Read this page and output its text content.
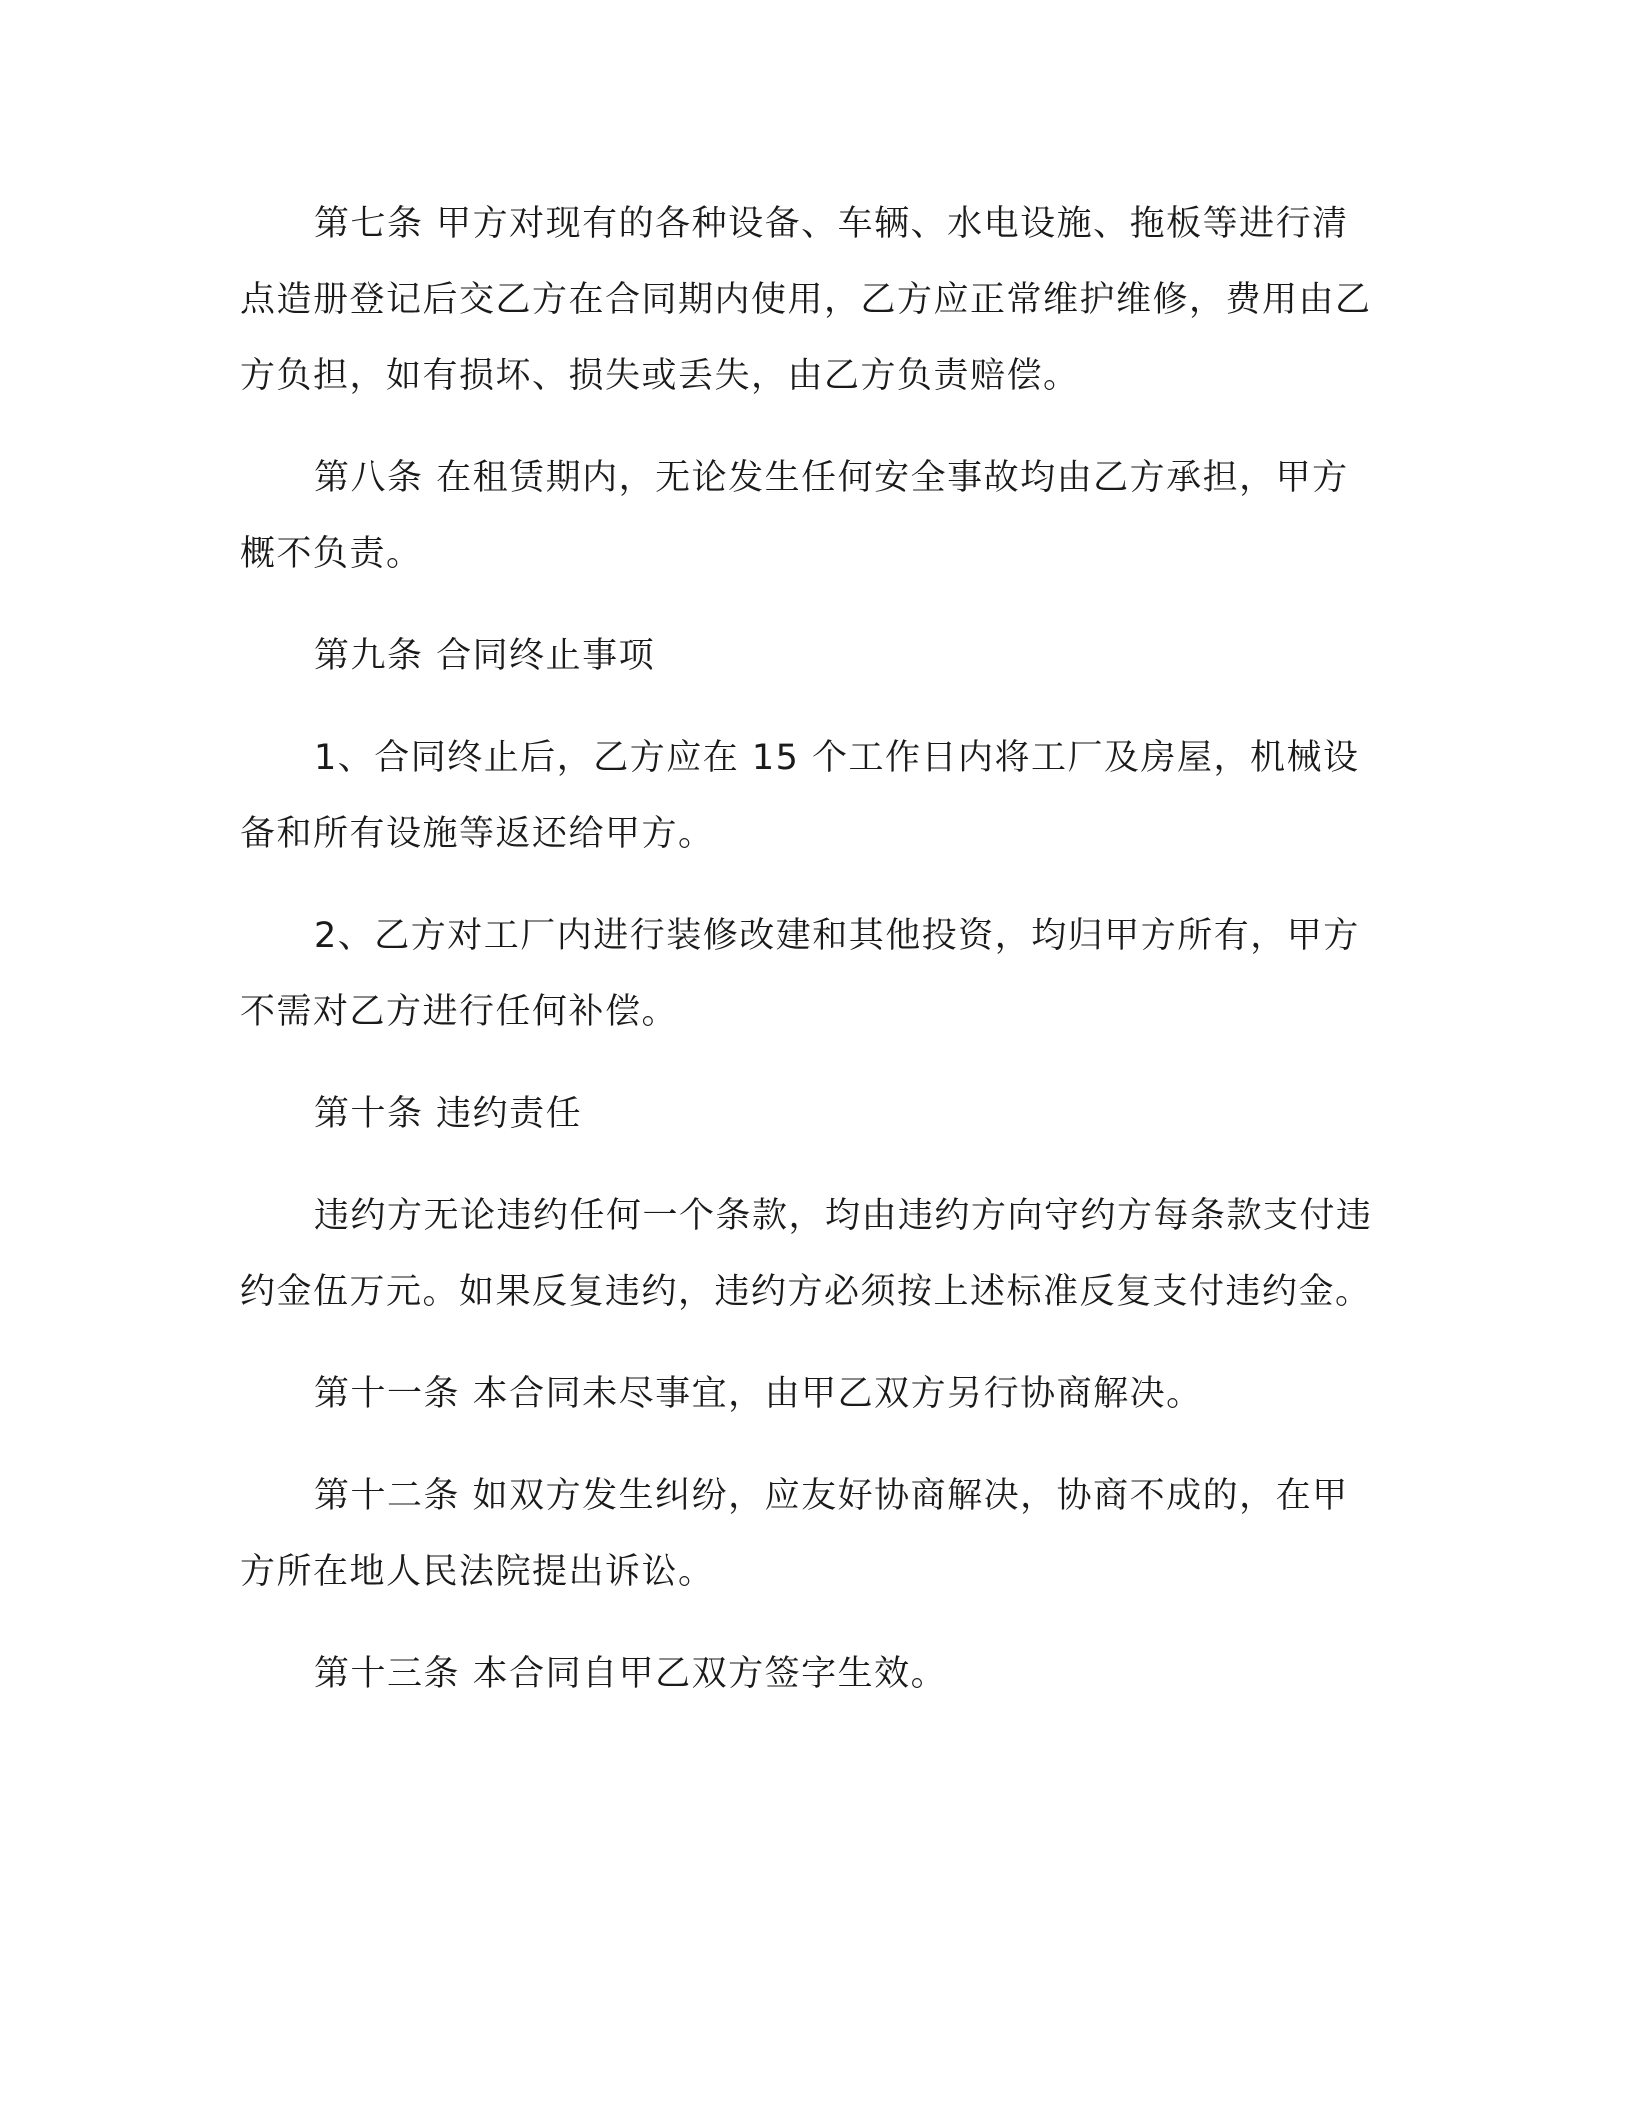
第七条 甲方对现有的各种设备、车辆、水电设施、拖板等进行清点造册登记后交乙方在合同期内使用，乙方应正常维护维修，费用由乙方负担，如有损坏、损失或丢失，由乙方负责赔偿。

第八条 在租赁期内，无论发生任何安全事故均由乙方承担，甲方概不负责。

第九条 合同终止事项

1、合同终止后，乙方应在 15 个工作日内将工厂及房屋，机械设备和所有设施等返还给甲方。

2、乙方对工厂内进行装修改建和其他投资，均归甲方所有，甲方不需对乙方进行任何补偿。

第十条 违约责任

违约方无论违约任何一个条款，均由违约方向守约方每条款支付违约金伍万元。如果反复违约，违约方必须按上述标准反复支付违约金。

第十一条 本合同未尽事宜，由甲乙双方另行协商解决。

第十二条 如双方发生纠纷，应友好协商解决，协商不成的，在甲方所在地人民法院提出诉讼。

第十三条 本合同自甲乙双方签字生效。
